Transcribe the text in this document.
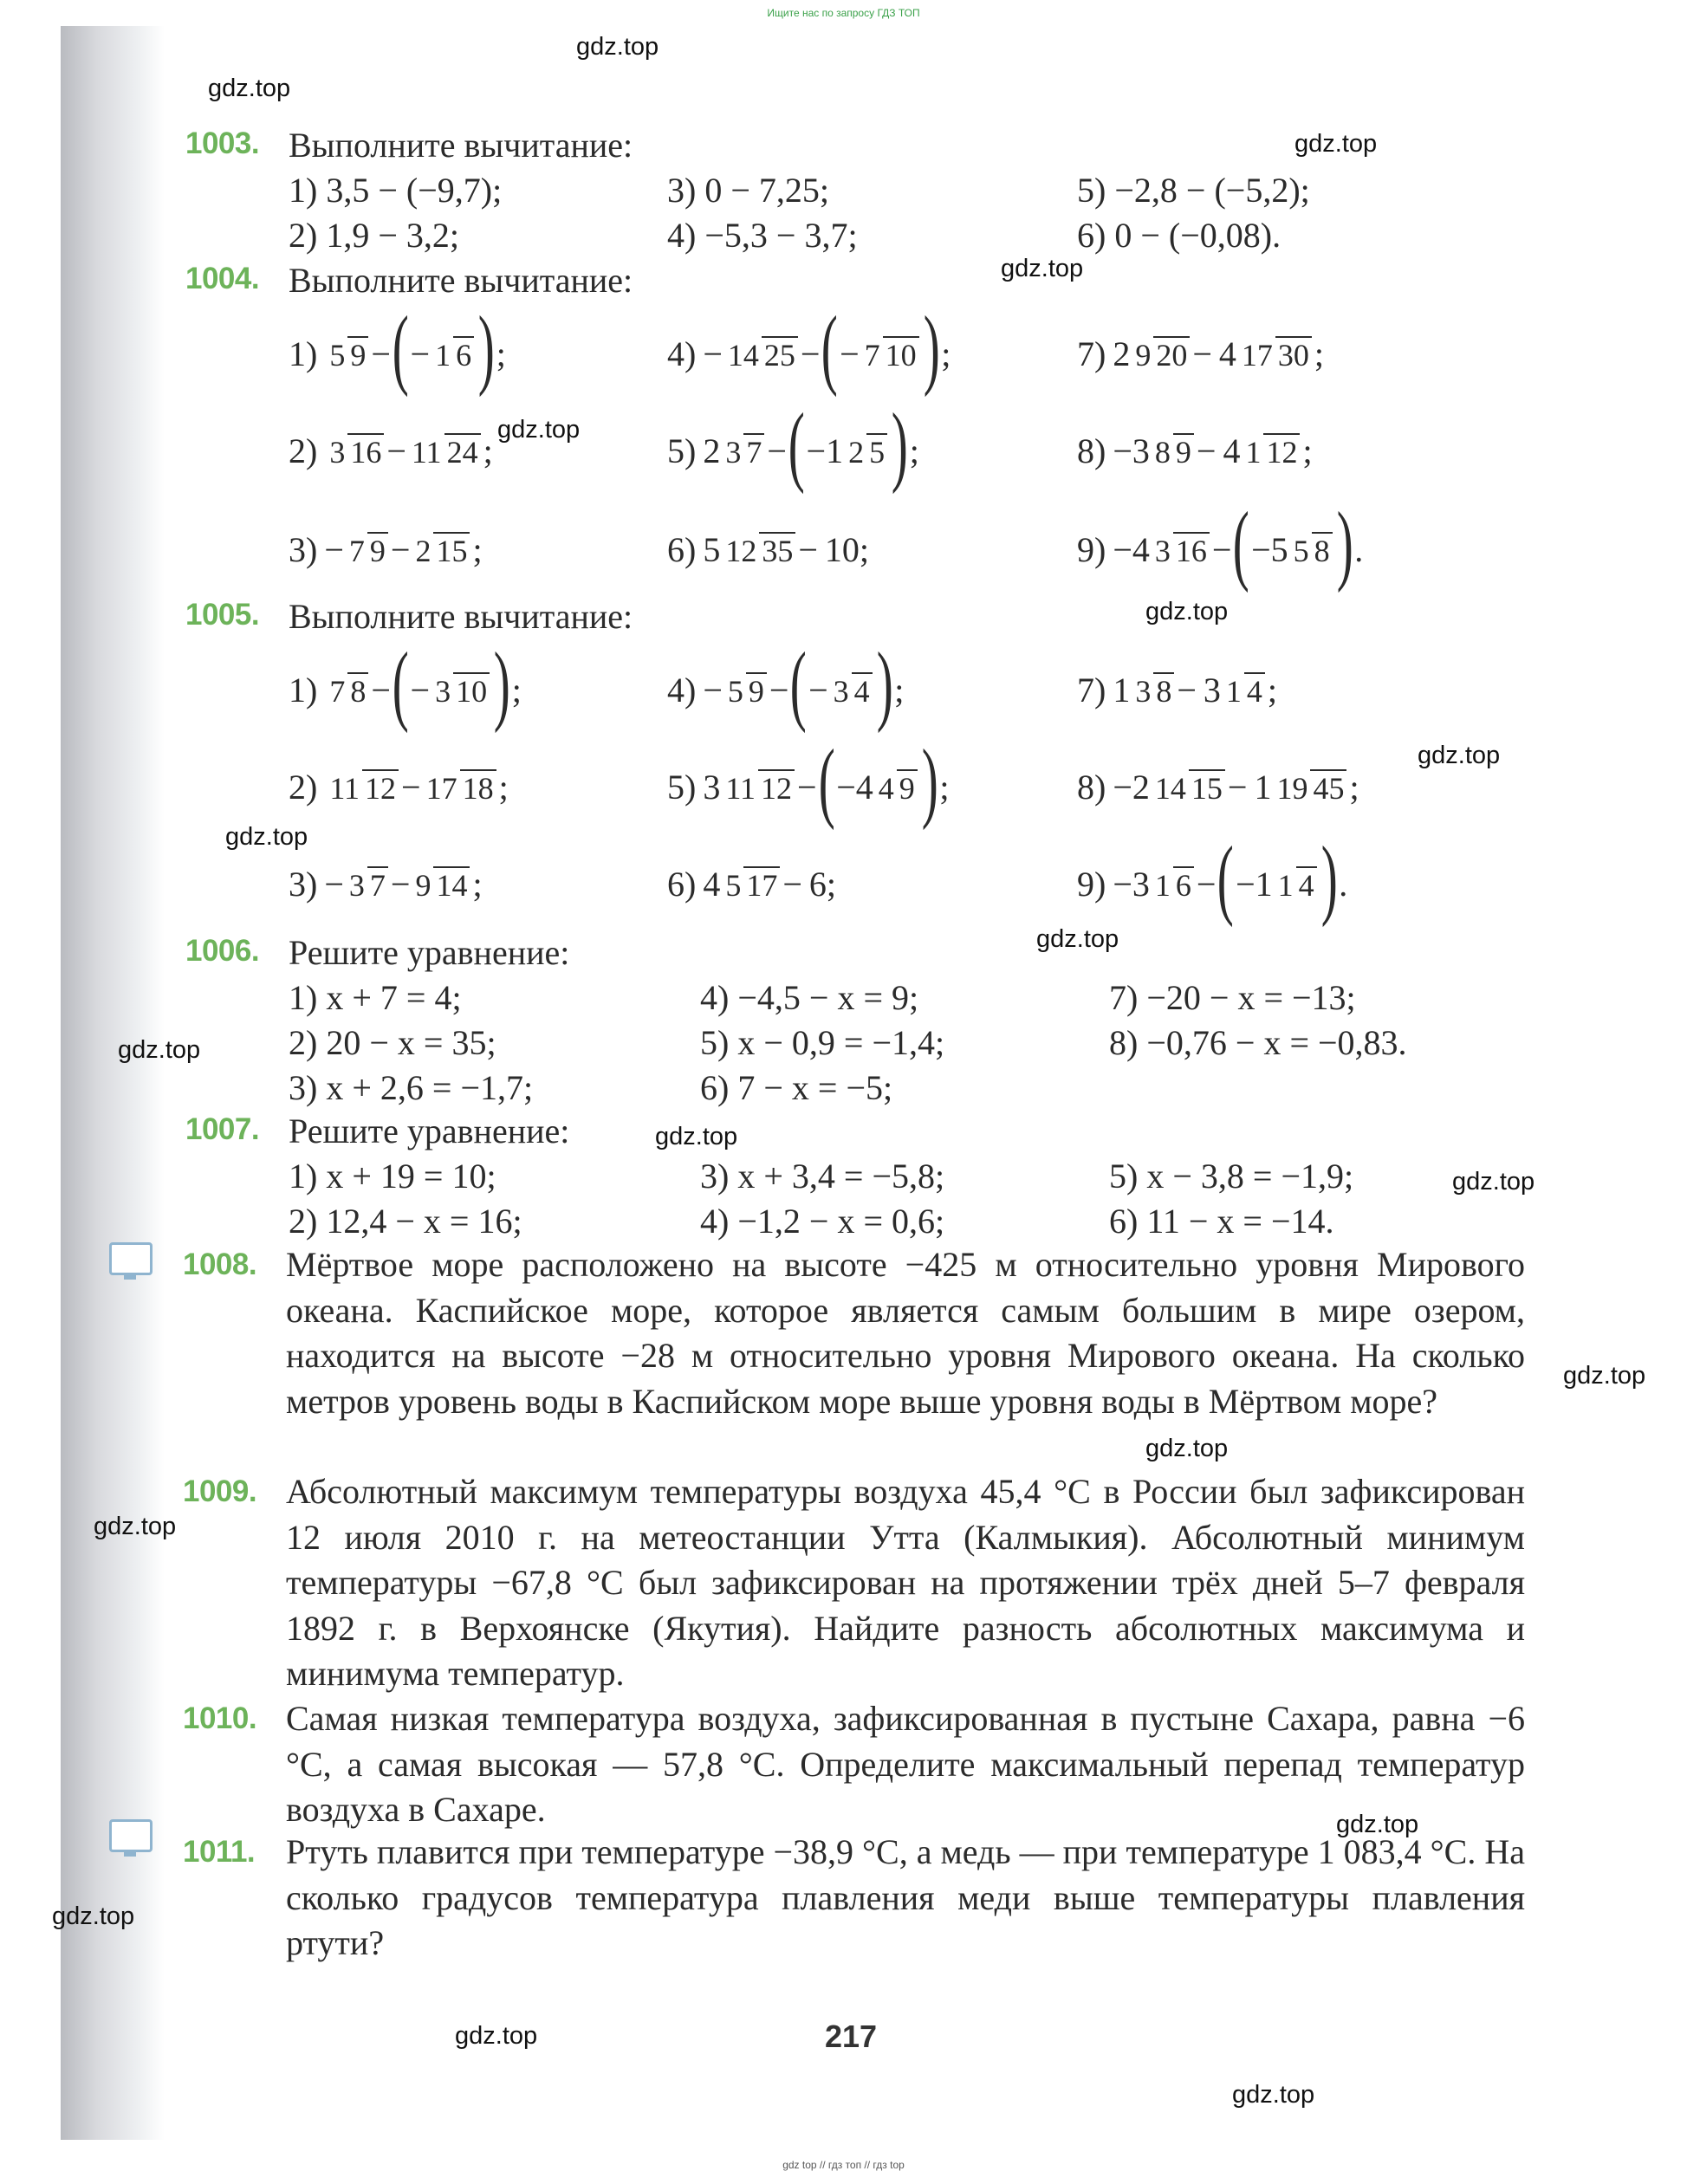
Ищите нас по запросу ГДЗ ТОП
gdz.top
gdz.top
gdz.top
gdz.top
gdz.top
gdz.top
gdz.top
gdz.top
gdz.top
gdz.top
gdz.top
gdz.top
gdz.top
gdz.top
gdz.top
gdz.top
gdz.top
gdz.top
gdz.top
1003. Выполните вычитание:
1) 3,5 − (−9,7);	3) 0 − 7,25;	5) −2,8 − (−5,2);
2) 1,9 − 3,2;	4) −5,3 − 3,7;	6) 0 − (−0,08).
1004. Выполните вычитание:
1) 5 9 − ( − 1 6 ) ;	4) − 14 25 − ( − 7 10 ) ;	7) 2 9 20 − 4 17 30 ;
2) 3 16 − 11 24 ;	5) 2 3 7 − ( − 1 2 5 ) ;	8) − 3 8 9 − 4 1 12 ;
3) − 7 9 − 2 15 ;	6) 5 12 35 − 10 ;	9) − 4 3 16 − ( − 5 5 8 ) .
1005. Выполните вычитание:
1) 7 8 − ( − 3 10 ) ;	4) − 5 9 − ( − 3 4 ) ;	7) 1 3 8 − 3 1 4 ;
2) 11 12 − 17 18 ;	5) 3 11 12 − ( − 4 4 9 ) ;	8) − 2 14 15 − 1 19 45 ;
3) − 3 7 − 9 14 ;	6) 4 5 17 − 6 ;	9) − 3 1 6 − ( − 1 1 4 ) .
1006. Решите уравнение:
1) x + 7 = 4;	4) −4,5 − x = 9;	7) −20 − x = −13;
2) 20 − x = 35;	5) x − 0,9 = −1,4;	8) −0,76 − x = −0,83.
3) x + 2,6 = −1,7;	6) 7 − x = −5;
1007. Решите уравнение:
1) x + 19 = 10;	3) x + 3,4 = −5,8;	5) x − 3,8 = −1,9;
2) 12,4 − x = 16;	4) −1,2 − x = 0,6;	6) 11 − x = −14.
1008. Мёртвое море расположено на высоте −425 м относительно уровня Мирового океана. Каспийское море, которое является самым большим в мире озером, находится на высоте −28 м относительно уровня Мирового океана. На сколько метров уровень воды в Каспийском море выше уровня воды в Мёртвом море?
1009. Абсолютный максимум температуры воздуха 45,4 °C в России был зафиксирован 12 июля 2010 г. на метеостанции Утта (Калмыкия). Абсолютный минимум температуры −67,8 °C был зафиксирован на протяжении трёх дней 5–7 февраля 1892 г. в Верхоянске (Якутия). Найдите разность абсолютных максимума и минимума температур.
1010. Самая низкая температура воздуха, зафиксированная в пустыне Сахара, равна −6 °C, а самая высокая — 57,8 °C. Определите максимальный перепад температур воздуха в Сахаре.
1011. Ртуть плавится при температуре −38,9 °C, а медь — при температуре 1 083,4 °C. На сколько градусов температура плавления меди выше температуры плавления ртути?
217
gdz top // гдз топ // гдз top
